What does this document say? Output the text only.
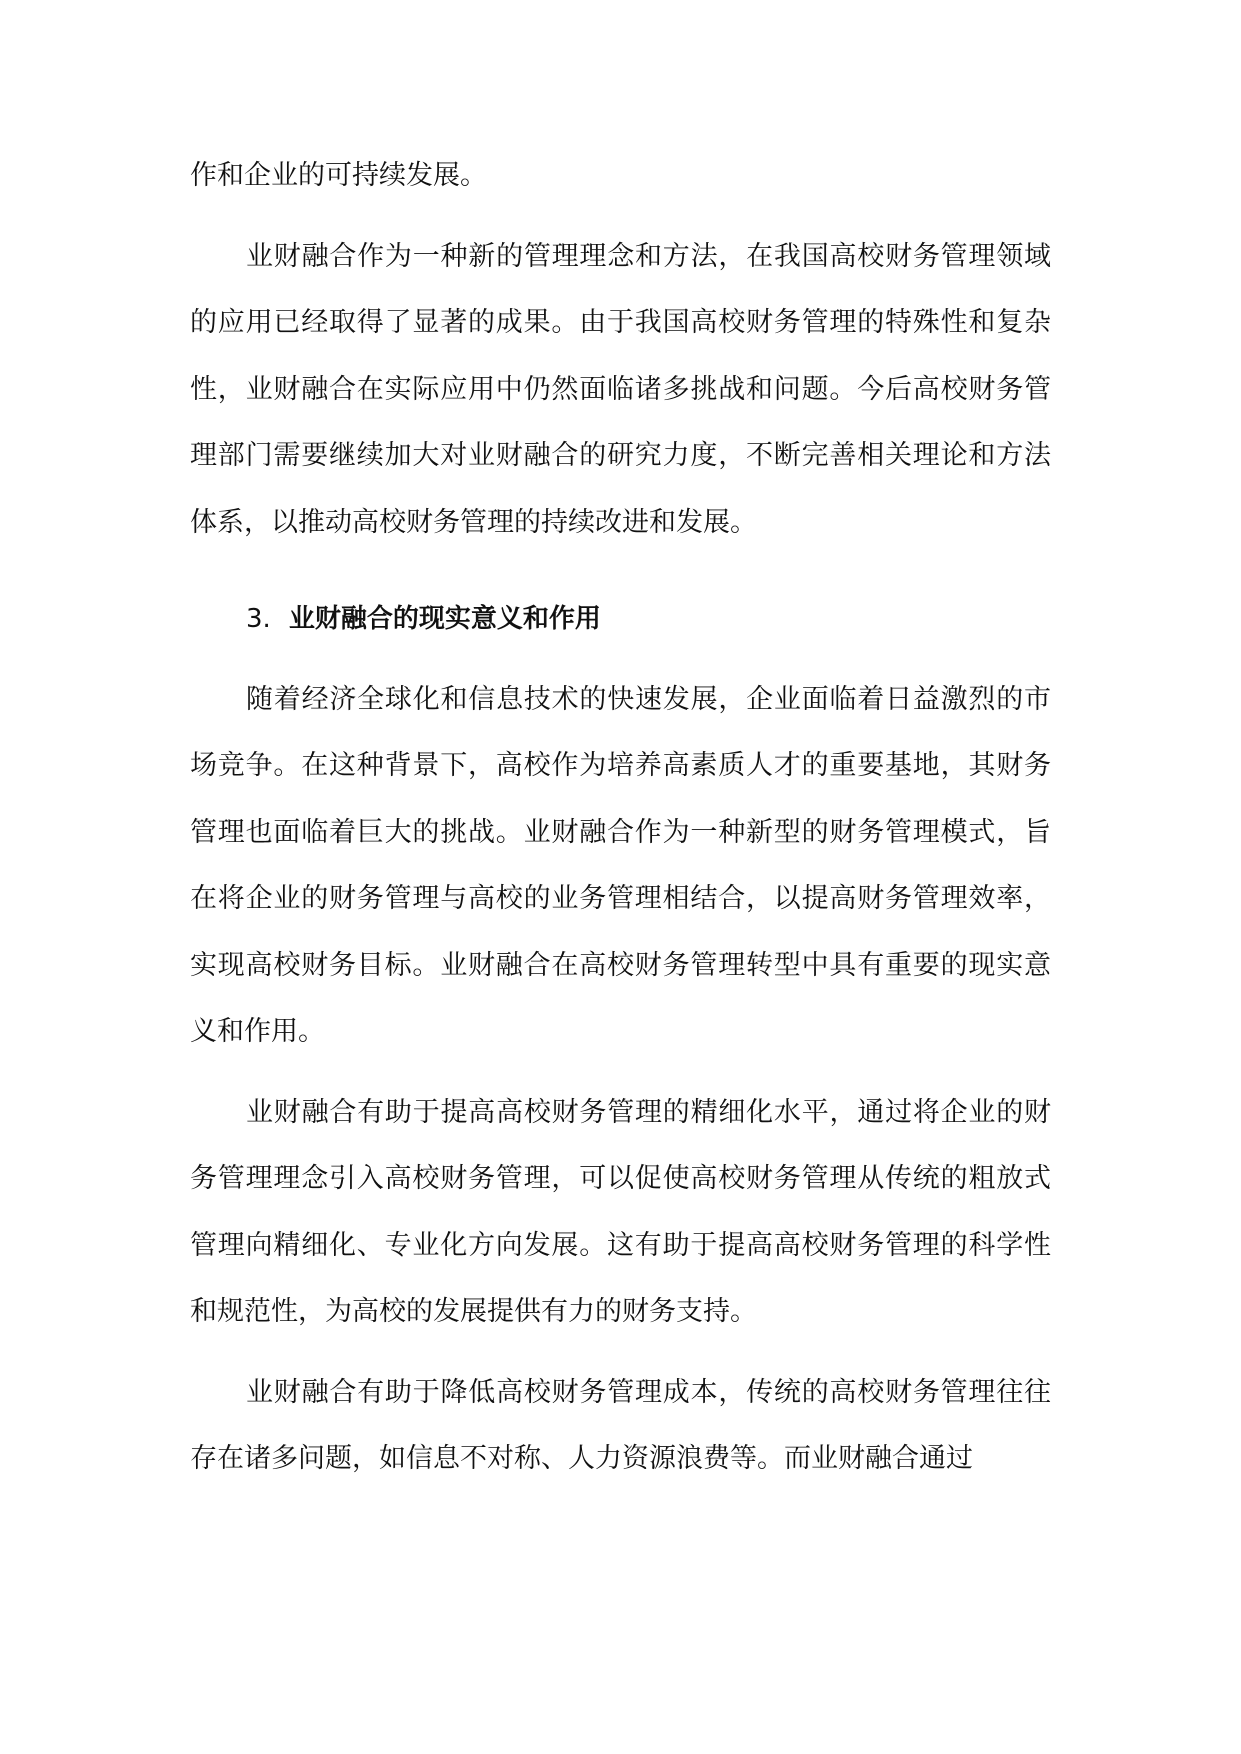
作和企业的可持续发展。

业财融合作为一种新的管理理念和方法，在我国高校财务管理领域的应用已经取得了显著的成果。由于我国高校财务管理的特殊性和复杂性，业财融合在实际应用中仍然面临诸多挑战和问题。今后高校财务管理部门需要继续加大对业财融合的研究力度，不断完善相关理论和方法体系，以推动高校财务管理的持续改进和发展。

3. 业财融合的现实意义和作用

随着经济全球化和信息技术的快速发展，企业面临着日益激烈的市场竞争。在这种背景下，高校作为培养高素质人才的重要基地，其财务管理也面临着巨大的挑战。业财融合作为一种新型的财务管理模式，旨在将企业的财务管理与高校的业务管理相结合，以提高财务管理效率，实现高校财务目标。业财融合在高校财务管理转型中具有重要的现实意义和作用。

业财融合有助于提高高校财务管理的精细化水平，通过将企业的财务管理理念引入高校财务管理，可以促使高校财务管理从传统的粗放式管理向精细化、专业化方向发展。这有助于提高高校财务管理的科学性和规范性，为高校的发展提供有力的财务支持。

业财融合有助于降低高校财务管理成本，传统的高校财务管理往往存在诸多问题，如信息不对称、人力资源浪费等。而业财融合通过
